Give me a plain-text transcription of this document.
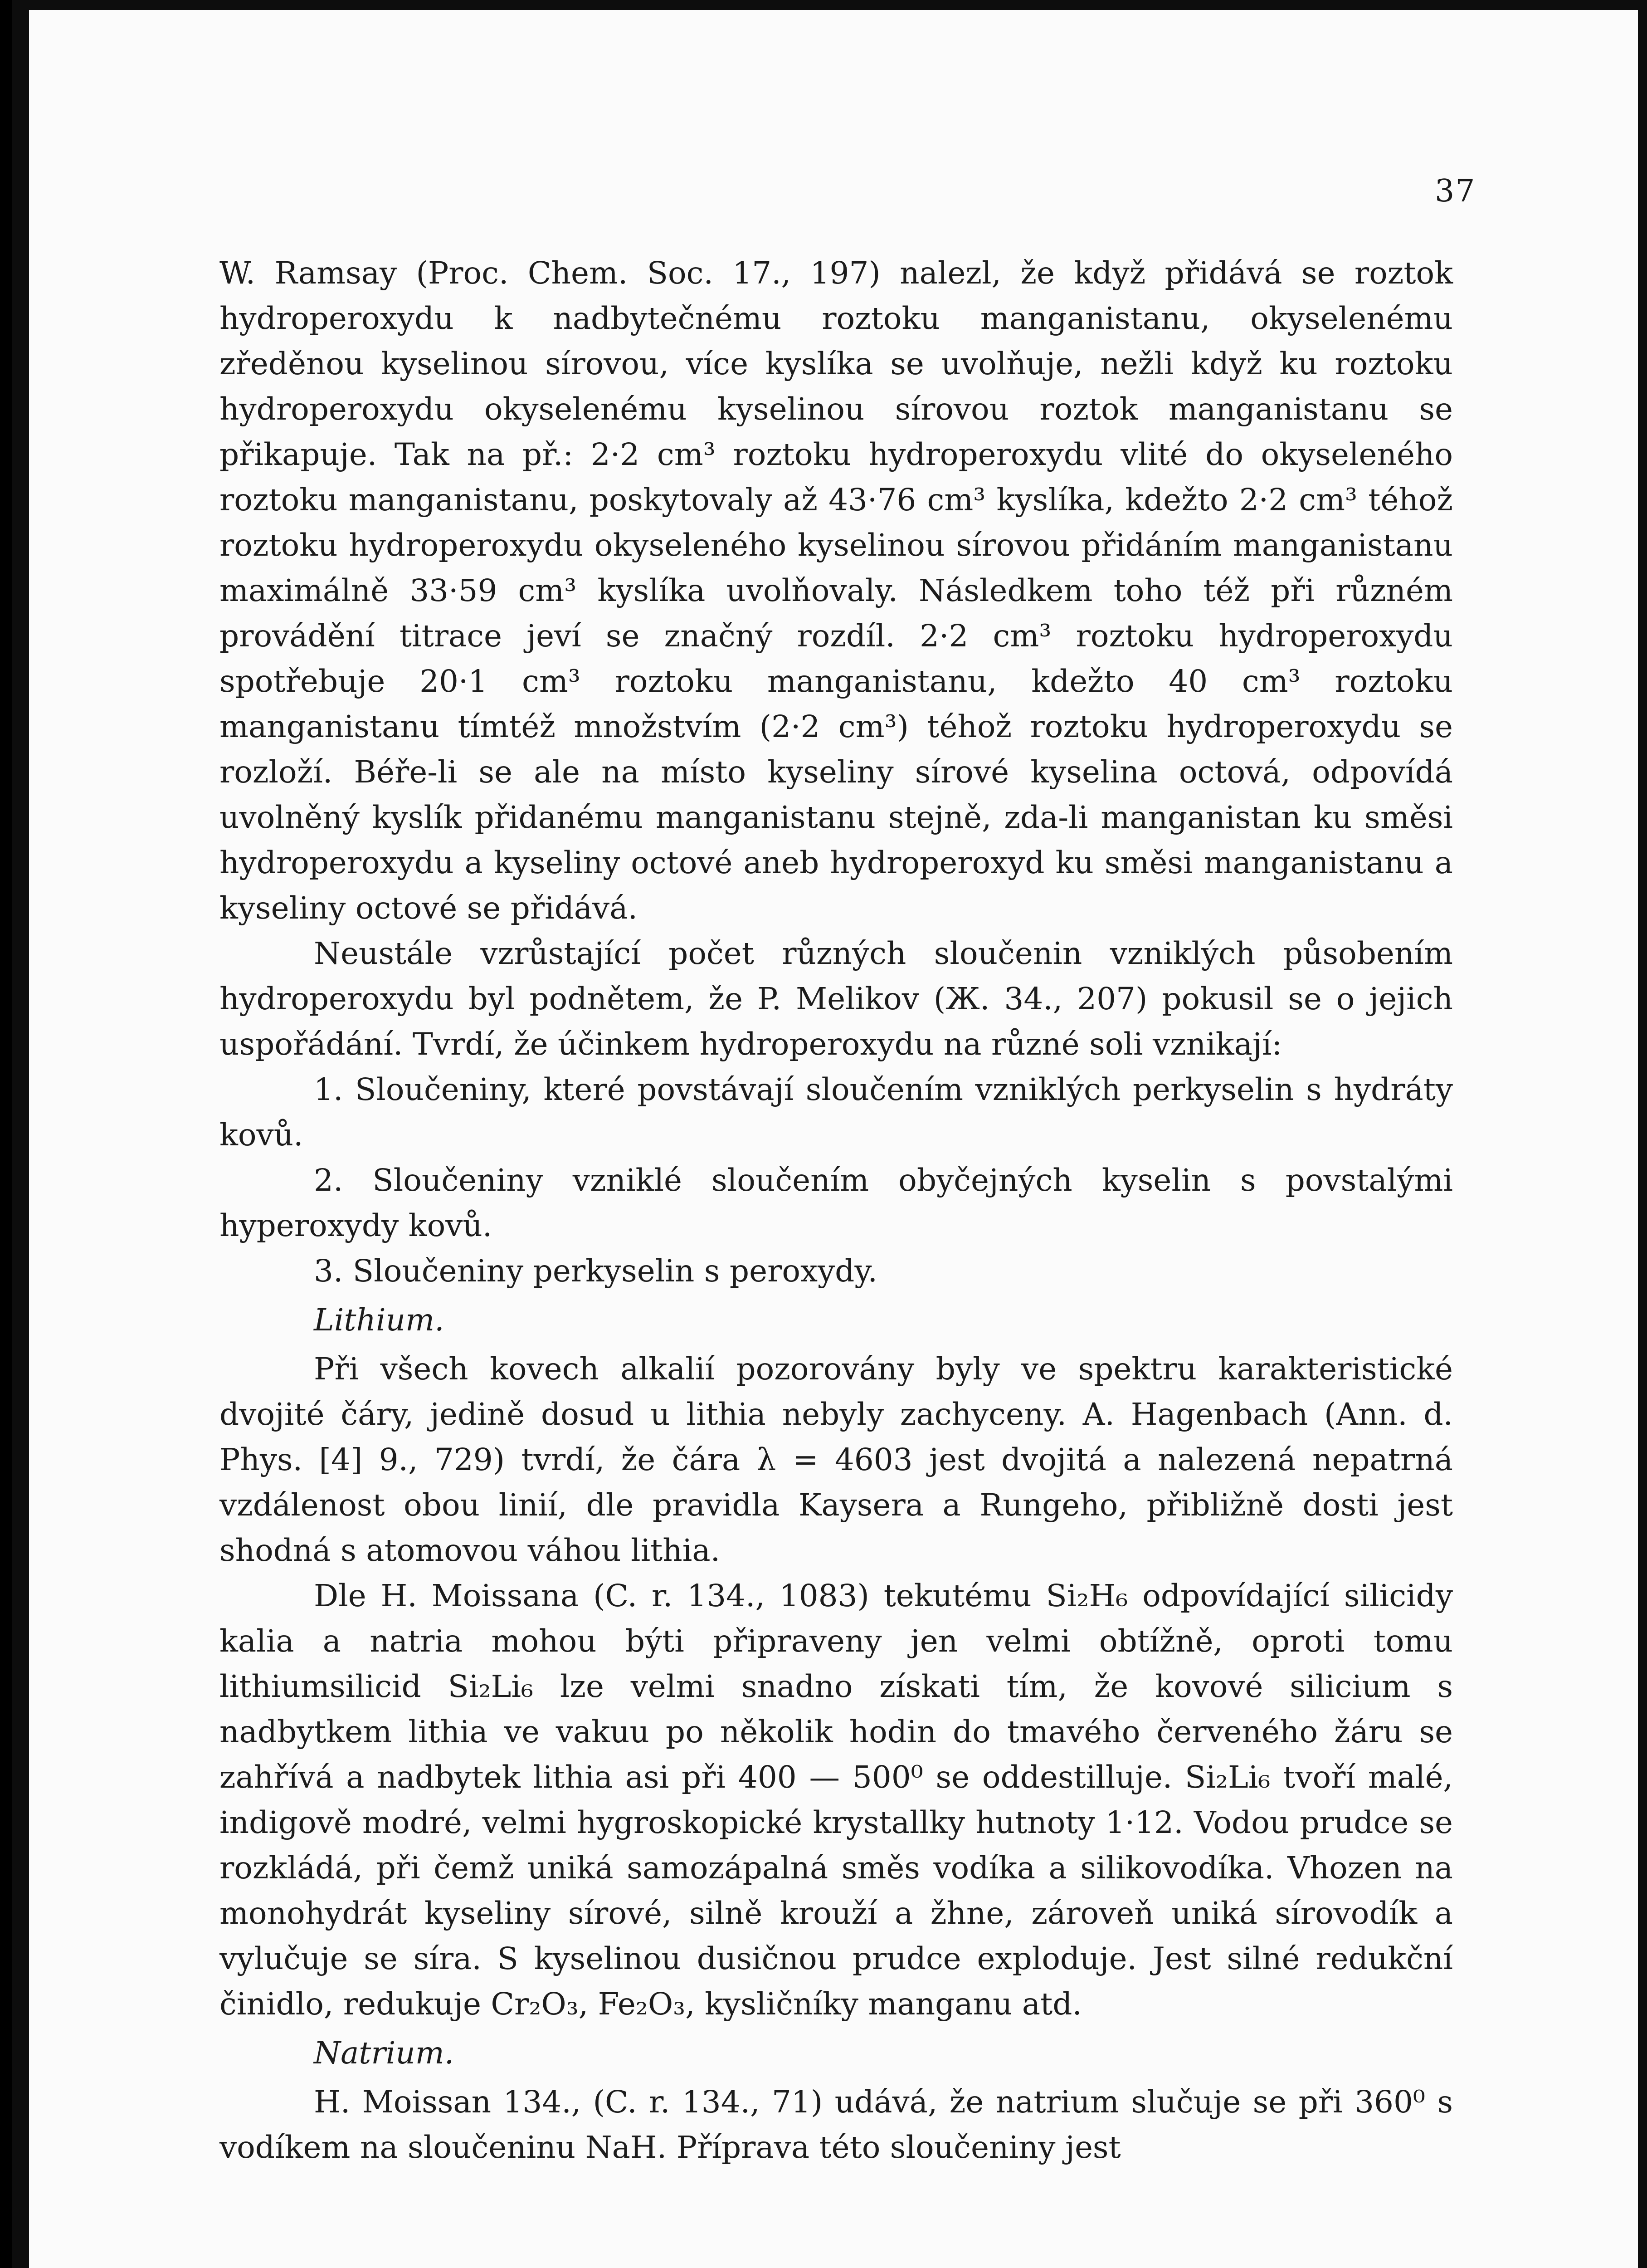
37

W. Ramsay (Proc. Chem. Soc. 17., 197) nalezl, že když přidává se roztok hydroperoxydu k nadbytečnému roztoku manganistanu, okyselenému zředěnou kyselinou sírovou, více kyslíka se uvolňuje, nežli když ku roztoku hydroperoxydu okyselenému kyselinou sírovou roztok manganistanu se přikapuje. Tak na př.: 2·2 cm³ roztoku hydroperoxydu vlité do okyseleného roztoku manganistanu, poskytovaly až 43·76 cm³ kyslíka, kdežto 2·2 cm³ téhož roztoku hydroperoxydu okyseleného kyselinou sírovou přidáním manganistanu maximálně 33·59 cm³ kyslíka uvolňovaly. Následkem toho též při různém provádění titrace jeví se značný rozdíl. 2·2 cm³ roztoku hydroperoxydu spotřebuje 20·1 cm³ roztoku manganistanu, kdežto 40 cm³ roztoku manganistanu tímtéž množstvím (2·2 cm³) téhož roztoku hydroperoxydu se rozloží. Béře-li se ale na místo kyseliny sírové kyselina octová, odpovídá uvolněný kyslík přidanému manganistanu stejně, zda-li manganistan ku směsi hydroperoxydu a kyseliny octové aneb hydroperoxyd ku směsi manganistanu a kyseliny octové se přidává.

Neustále vzrůstající počet různých sloučenin vzniklých působením hydroperoxydu byl podnětem, že P. Melikov (Ж. 34., 207) pokusil se o jejich uspořádání. Tvrdí, že účinkem hydroperoxydu na různé soli vznikají:

1. Sloučeniny, které povstávají sloučením vzniklých perkyselin s hydráty kovů.

2. Sloučeniny vzniklé sloučením obyčejných kyselin s povstalými hyperoxydy kovů.

3. Sloučeniny perkyselin s peroxydy.

Lithium.

Při všech kovech alkalií pozorovány byly ve spektru karakteristické dvojité čáry, jedině dosud u lithia nebyly zachyceny. A. Hagenbach (Ann. d. Phys. [4] 9., 729) tvrdí, že čára λ = 4603 jest dvojitá a nalezená nepatrná vzdálenost obou linií, dle pravidla Kaysera a Rungeho, přibližně dosti jest shodná s atomovou váhou lithia.

Dle H. Moissana (C. r. 134., 1083) tekutému Si₂H₆ odpovídající silicidy kalia a natria mohou býti připraveny jen velmi obtížně, oproti tomu lithiumsilicid Si₂Li₆ lze velmi snadno získati tím, že kovové silicium s nadbytkem lithia ve vakuu po několik hodin do tmavého červeného žáru se zahřívá a nadbytek lithia asi při 400 — 500⁰ se oddestilluje. Si₂Li₆ tvoří malé, indigově modré, velmi hygroskopické krystallky hutnoty 1·12. Vodou prudce se rozkládá, při čemž uniká samozápalná směs vodíka a silikovodíka. Vhozen na monohydrát kyseliny sírové, silně krouží a žhne, zároveň uniká sírovodík a vylučuje se síra. S kyselinou dusičnou prudce exploduje. Jest silné redukční činidlo, redukuje Cr₂O₃, Fe₂O₃, kysličníky manganu atd.

Natrium.

H. Moissan 134., (C. r. 134., 71) udává, že natrium slučuje se při 360⁰ s vodíkem na sloučeninu NaH. Příprava této sloučeniny jest
